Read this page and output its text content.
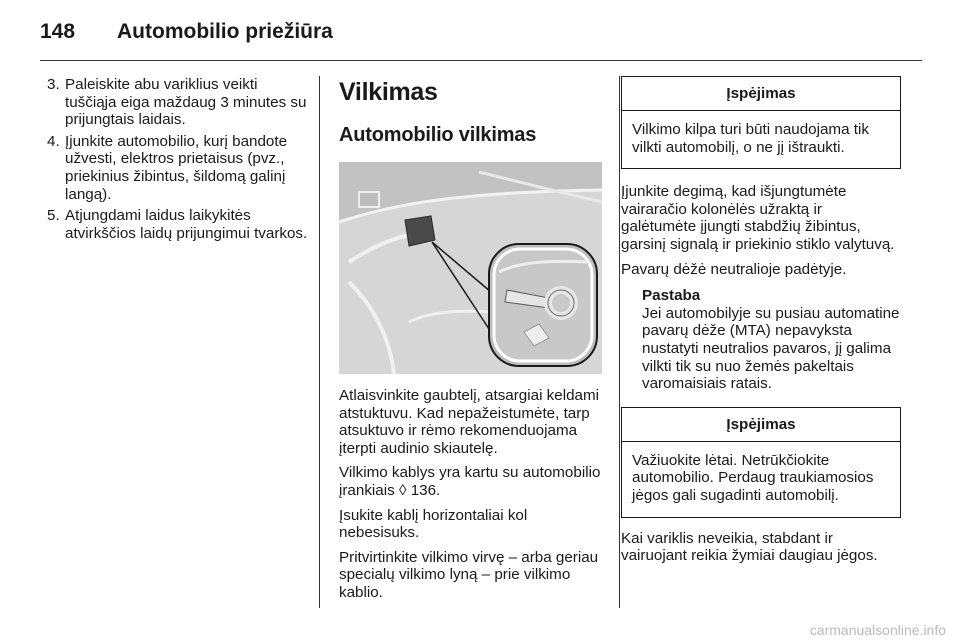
148 Automobilio priežiūra
3. Paleiskite abu variklius veikti tuščiąja eiga maždaug 3 minutes su prijungtais laidais.
4. Įjunkite automobilio, kurį bandote užvesti, elektros prietaisus (pvz., priekinius žibintus, šildomą galinį langą).
5. Atjungdami laidus laikykitės atvirkščios laidų prijungimui tvarkos.
Vilkimas
Automobilio vilkimas
Atlaisvinkite gaubtelį, atsargiai keldami atstuktuvu. Kad nepažeistumėte, tarp atsuktuvo ir rėmo rekomenduojama įterpti audinio skiautelę.
Vilkimo kablys yra kartu su automobilio įrankiais ◊ 136.
Įsukite kablį horizontaliai kol nebesisuks.
Pritvirtinkite vilkimo virvę – arba geriau specialų vilkimo lyną – prie vilkimo kablio.
Įspėjimas
Vilkimo kilpa turi būti naudojama tik vilkti automobilį, o ne jį ištraukti.
Įjunkite degimą, kad išjungtumėte vairaračio kolonėlės užraktą ir galėtumėte įjungti stabdžių žibintus, garsinį signalą ir priekinio stiklo valytuvą.
Pavarų dėžė neutralioje padėtyje.
Pastaba
Jei automobilyje su pusiau automatine pavarų dėže (MTA) nepavyksta nustatyti neutralios pavaros, jį galima vilkti tik su nuo žemės pakeltais varomaisiais ratais.
Įspėjimas
Važiuokite lėtai. Netrūkčiokite automobilio. Perdaug traukiamosios jėgos gali sugadinti automobilį.
Kai variklis neveikia, stabdant ir vairuojant reikia žymiai daugiau jėgos.
carmanualsonline.info
